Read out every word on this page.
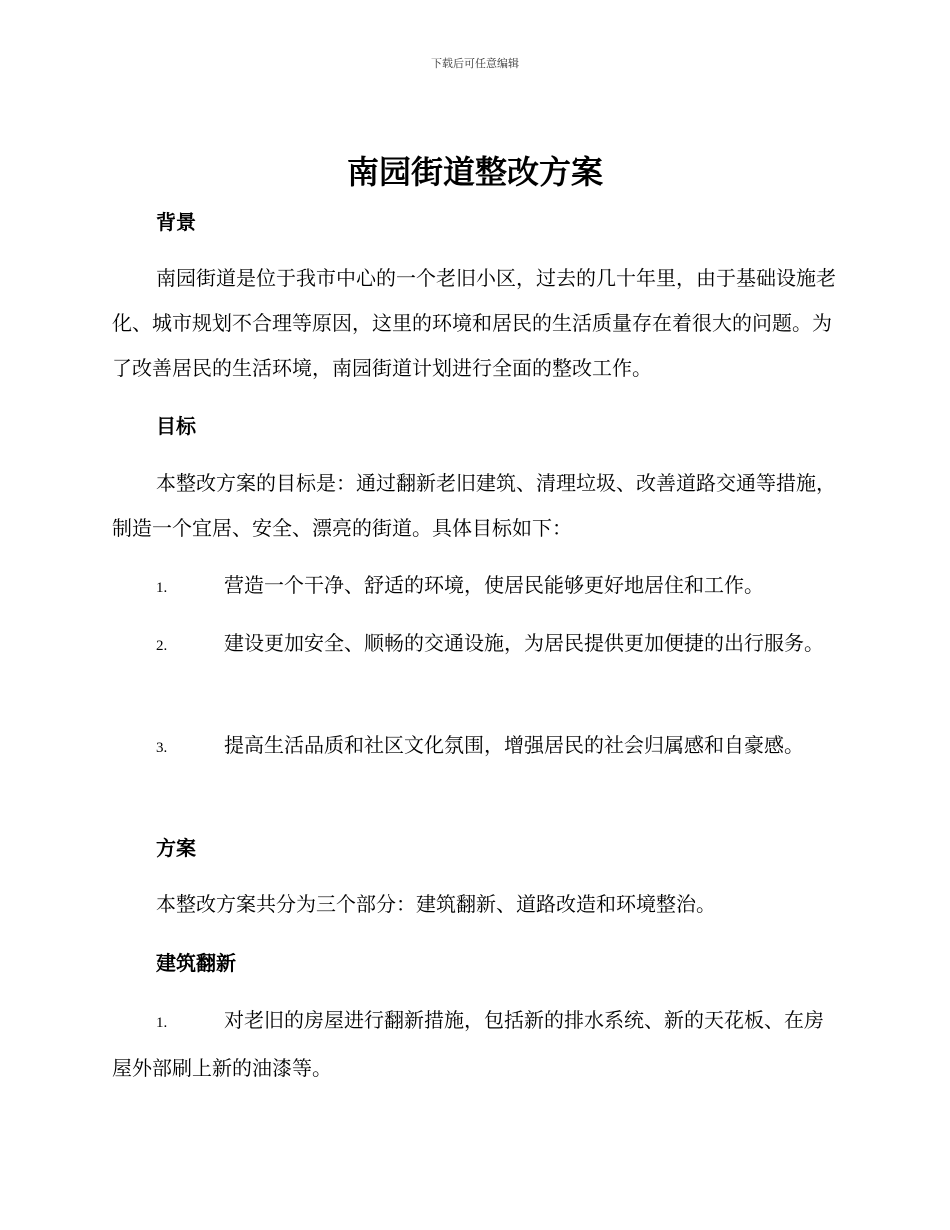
下载后可任意编辑
南园街道整改方案
背景
南园街道是位于我市中心的一个老旧小区，过去的几十年里，由于基础设施老化、城市规划不合理等原因，这里的环境和居民的生活质量存在着很大的问题。为了改善居民的生活环境，南园街道计划进行全面的整改工作。
目标
本整改方案的目标是：通过翻新老旧建筑、清理垃圾、改善道路交通等措施，制造一个宜居、安全、漂亮的街道。具体目标如下：
1.	营造一个干净、舒适的环境，使居民能够更好地居住和工作。
2.	建设更加安全、顺畅的交通设施，为居民提供更加便捷的出行服务。
3.	提高生活品质和社区文化氛围，增强居民的社会归属感和自豪感。
方案
本整改方案共分为三个部分：建筑翻新、道路改造和环境整治。
建筑翻新
1.	对老旧的房屋进行翻新措施，包括新的排水系统、新的天花板、在房屋外部刷上新的油漆等。
